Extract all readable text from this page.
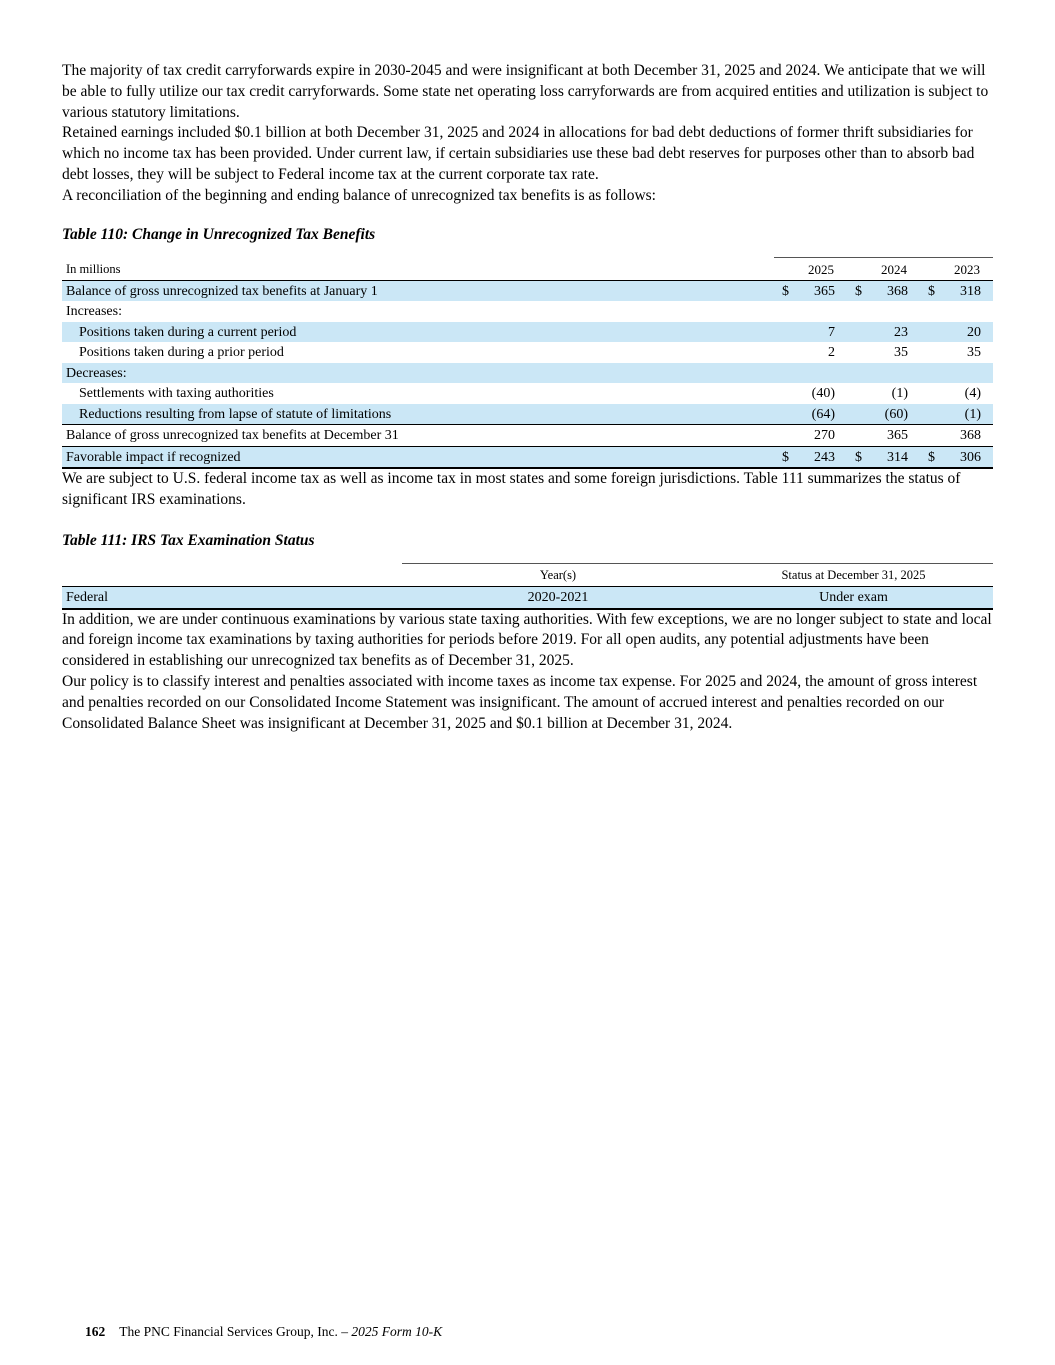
The majority of tax credit carryforwards expire in 2030-2045 and were insignificant at both December 31, 2025 and 2024. We anticipate that we will be able to fully utilize our tax credit carryforwards. Some state net operating loss carryforwards are from acquired entities and utilization is subject to various statutory limitations.

Retained earnings included $0.1 billion at both December 31, 2025 and 2024 in allocations for bad debt deductions of former thrift subsidiaries for which no income tax has been provided. Under current law, if certain subsidiaries use these bad debt reserves for purposes other than to absorb bad debt losses, they will be subject to Federal income tax at the current corporate tax rate.

A reconciliation of the beginning and ending balance of unrecognized tax benefits is as follows:

Table 110: Change in Unrecognized Tax Benefits
In millions	2025		2024		2023	
Balance of gross unrecognized tax benefits at January 1	$	365	$	368	$	318
Increases:						
Positions taken during a current period		7		23		20
Positions taken during a prior period		2		35		35
Decreases:						
Settlements with taxing authorities		(40)		(1)		(4)
Reductions resulting from lapse of statute of limitations		(64)		(60)		(1)
Balance of gross unrecognized tax benefits at December 31		270		365		368
Favorable impact if recognized	$	243	$	314	$	306

We are subject to U.S. federal income tax as well as income tax in most states and some foreign jurisdictions. Table 111 summarizes the status of significant IRS examinations.

Table 111: IRS Tax Examination Status
	Year(s)	Status at December 31, 2025
Federal	2020-2021	Under exam

In addition, we are under continuous examinations by various state taxing authorities. With few exceptions, we are no longer subject to state and local and foreign income tax examinations by taxing authorities for periods before 2019. For all open audits, any potential adjustments have been considered in establishing our unrecognized tax benefits as of December 31, 2025.

Our policy is to classify interest and penalties associated with income taxes as income tax expense. For 2025 and 2024, the amount of gross interest and penalties recorded on our Consolidated Income Statement was insignificant. The amount of accrued interest and penalties recorded on our Consolidated Balance Sheet was insignificant at December 31, 2025 and $0.1 billion at December 31, 2024.

162 The PNC Financial Services Group, Inc. – 2025 Form 10-K
